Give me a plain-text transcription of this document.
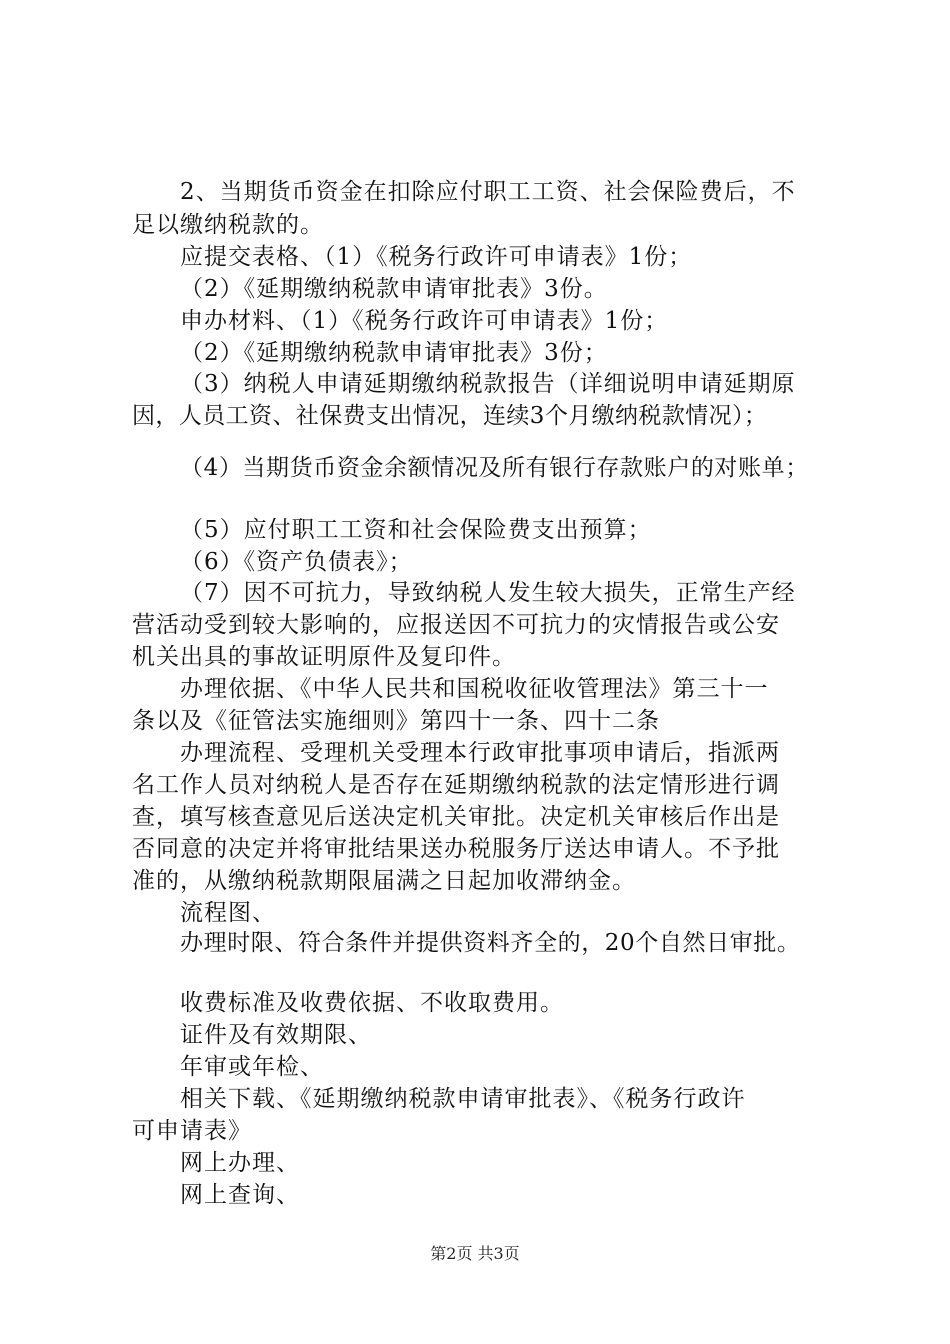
2、当期货币资金在扣除应付职工工资、社会保险费后，不
足以缴纳税款的。
应提交表格、（1）《税务行政许可申请表》1份；
（2）《延期缴纳税款申请审批表》3份。
申办材料、（1）《税务行政许可申请表》1份；
（2）《延期缴纳税款申请审批表》3份；
（3）纳税人申请延期缴纳税款报告（详细说明申请延期原
因，人员工资、社保费支出情况，连续3个月缴纳税款情况）；
（4）当期货币资金余额情况及所有银行存款账户的对账单；
（5）应付职工工资和社会保险费支出预算；
（6）《资产负债表》；
（7）因不可抗力，导致纳税人发生较大损失，正常生产经
营活动受到较大影响的，应报送因不可抗力的灾情报告或公安
机关出具的事故证明原件及复印件。
办理依据、《中华人民共和国税收征收管理法》第三十一
条以及《征管法实施细则》第四十一条、四十二条
办理流程、受理机关受理本行政审批事项申请后，指派两
名工作人员对纳税人是否存在延期缴纳税款的法定情形进行调
查，填写核查意见后送决定机关审批。决定机关审核后作出是
否同意的决定并将审批结果送办税服务厅送达申请人。不予批
准的，从缴纳税款期限届满之日起加收滞纳金。
流程图、
办理时限、符合条件并提供资料齐全的，20个自然日审批。
收费标准及收费依据、不收取费用。
证件及有效期限、
年审或年检、
相关下载、《延期缴纳税款申请审批表》、《税务行政许
可申请表》
网上办理、
网上查询、
第2页 共3页
